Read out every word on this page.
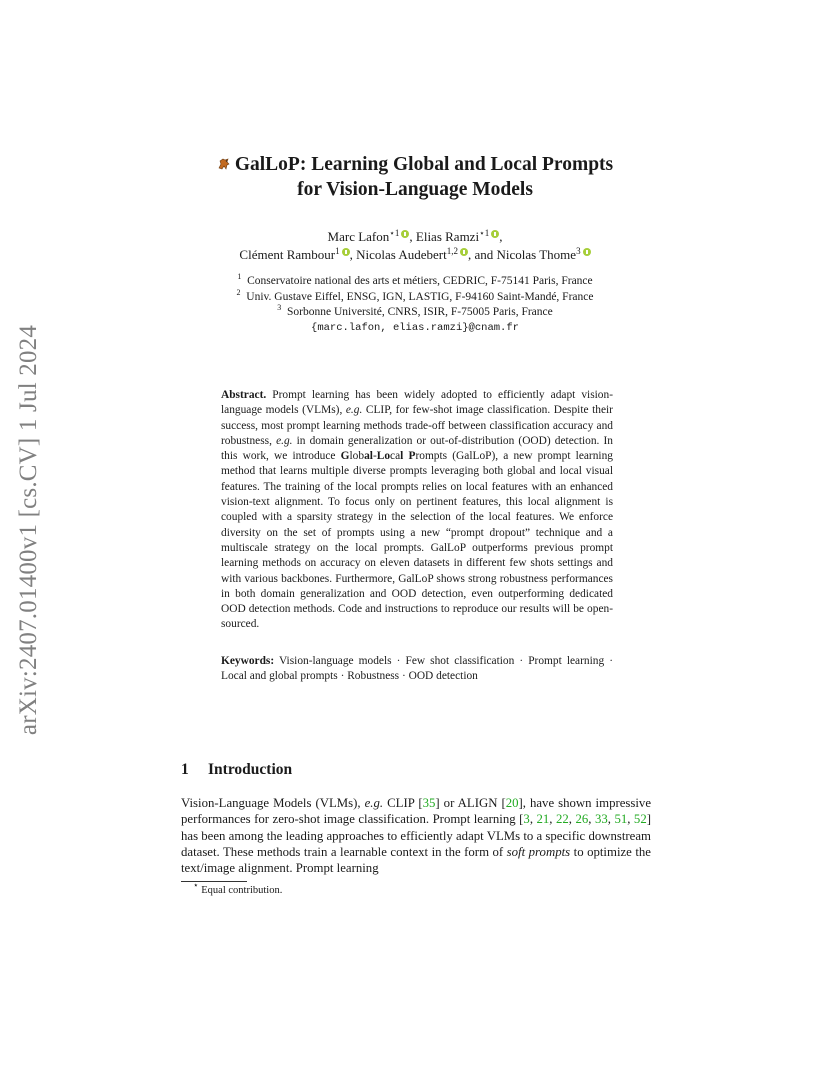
arXiv:2407.01400v1 [cs.CV] 1 Jul 2024
GalLoP: Learning Global and Local Prompts
for Vision-Language Models
Marc Lafon$^{⋆1}$ , Elias Ramzi$^{⋆1}$ ,
Clément Rambour$^1$ , Nicolas Audebert$^{1,2}$ , and Nicolas Thome$^3$
$^1$ Conservatoire national des arts et métiers, CEDRIC, F-75141 Paris, France
$^2$ Univ. Gustave Eiffel, ENSG, IGN, LASTIG, F-94160 Saint-Mandé, France
$^3$ Sorbonne Université, CNRS, ISIR, F-75005 Paris, France
{marc.lafon, elias.ramzi}@cnam.fr
Abstract. Prompt learning has been widely adopted to efficiently adapt vision-language models (VLMs), e.g. CLIP, for few-shot image classification. Despite their success, most prompt learning methods trade-off between classification accuracy and robustness, e.g. in domain generalization or out-of-distribution (OOD) detection. In this work, we introduce Global-Local Prompts (GalLoP), a new prompt learning method that learns multiple diverse prompts leveraging both global and local visual features. The training of the local prompts relies on local features with an enhanced vision-text alignment. To focus only on pertinent features, this local alignment is coupled with a sparsity strategy in the selection of the local features. We enforce diversity on the set of prompts using a new “prompt dropout” technique and a multiscale strategy on the local prompts. GalLoP outperforms previous prompt learning methods on accuracy on eleven datasets in different few shots settings and with various backbones. Furthermore, GalLoP shows strong robustness performances in both domain generalization and OOD detection, even outperforming dedicated OOD detection methods. Code and instructions to reproduce our results will be open-sourced.
Keywords: Vision-language models · Few shot classification · Prompt learning · Local and global prompts · Robustness · OOD detection
1 Introduction
Vision-Language Models (VLMs), e.g. CLIP [35] or ALIGN [20], have shown impressive performances for zero-shot image classification. Prompt learning [3, 21, 22, 26, 33, 51, 52] has been among the leading approaches to efficiently adapt VLMs to a specific downstream dataset. These methods train a learnable context in the form of soft prompts to optimize the text/image alignment. Prompt learning
⋆ Equal contribution.
